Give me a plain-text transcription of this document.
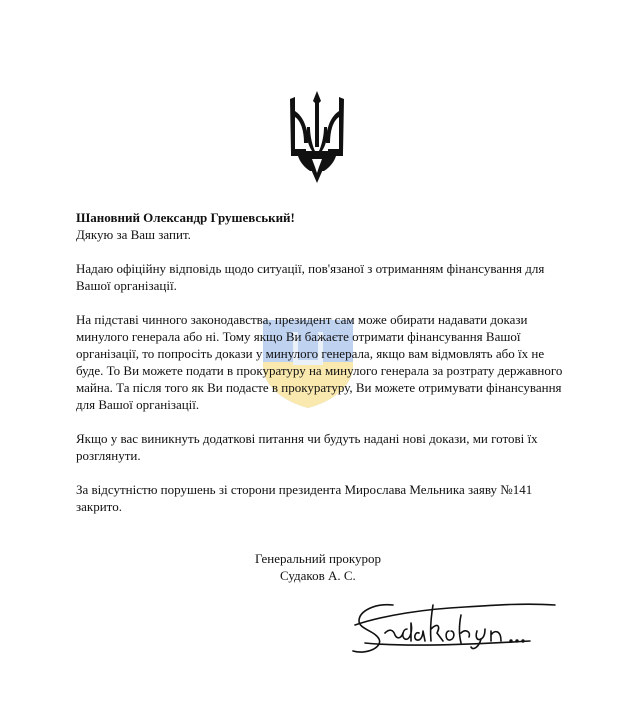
Шановний Олександр Грушевський!

Дякую за Ваш запит.

Надаю офіційну відповідь щодо ситуації, пов'язаної з отриманням фінансування для Вашої організації.

На підставі чинного законодавства, президент сам може обирати надавати докази минулого генерала або ні. Тому якщо Ви бажаєте отримати фінансування Вашої організації, то попросіть докази у минулого генерала, якщо вам відмовлять або їх не буде. То Ви можете подати в прокуратуру на минулого генерала за розтрату державного майна. Та після того як Ви подасте в прокуратуру, Ви можете отримувати фінансування для Вашої організації.

Якщо у вас виникнуть додаткові питання чи будуть надані нові докази, ми готові їх розглянути.

За відсутністю порушень зі сторони президента Мирослава Мельника заяву №141 закрито.

Генеральний прокурор

Судаков А. С.
